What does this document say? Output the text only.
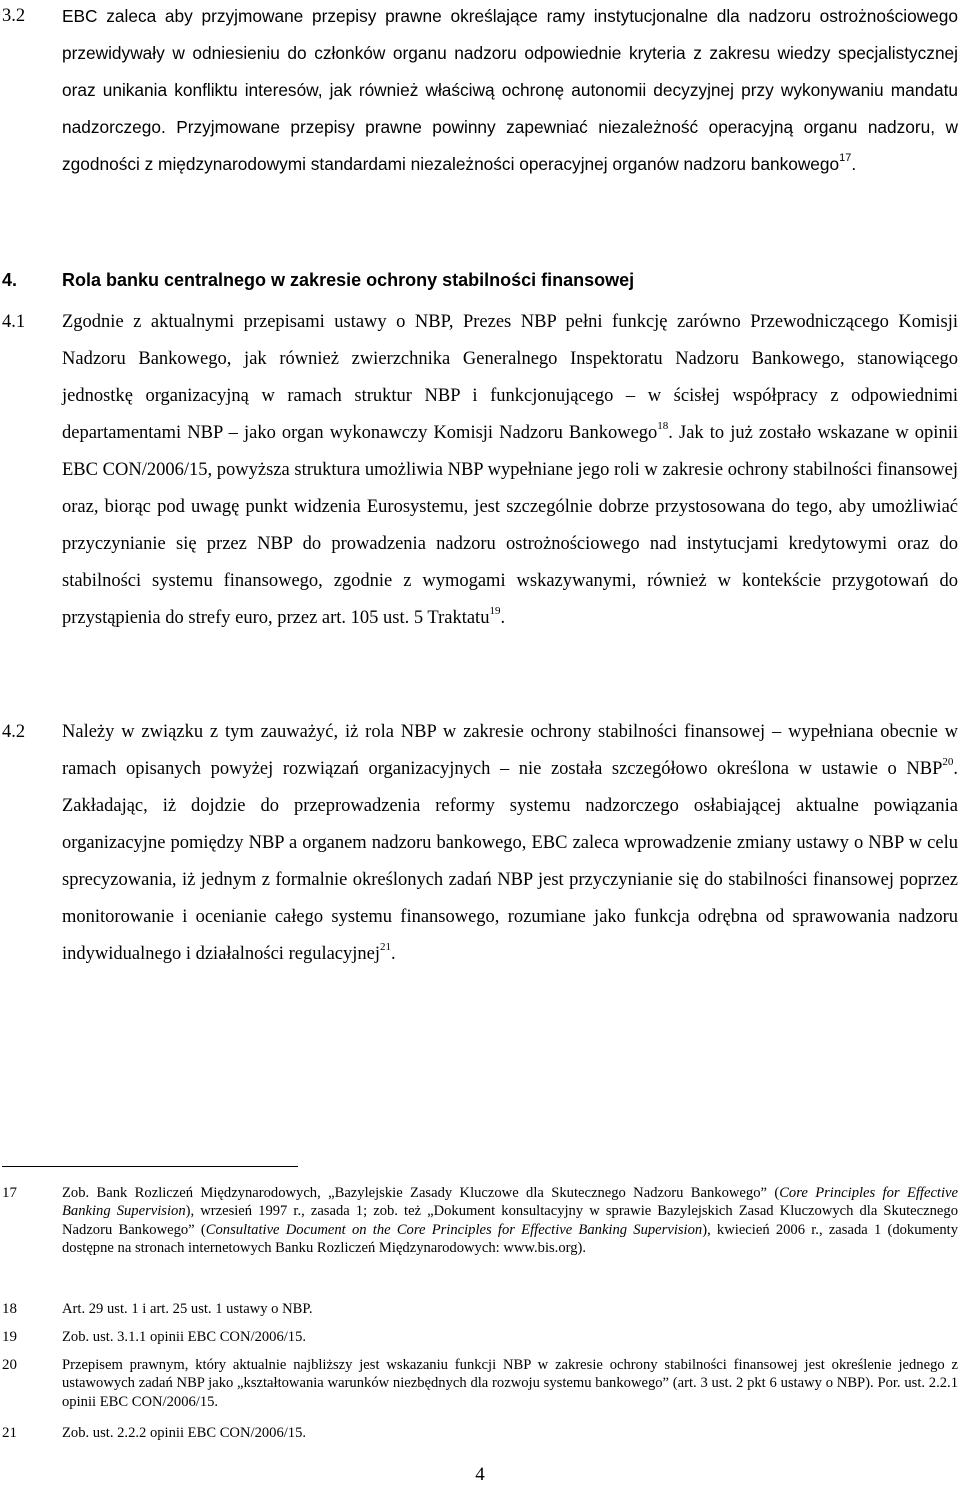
3.2 EBC zaleca aby przyjmowane przepisy prawne określające ramy instytucjonalne dla nadzoru ostrożnościowego przewidywały w odniesieniu do członków organu nadzoru odpowiednie kryteria z zakresu wiedzy specjalistycznej oraz unikania konfliktu interesów, jak również właściwą ochronę autonomii decyzyjnej przy wykonywaniu mandatu nadzorczego. Przyjmowane przepisy prawne powinny zapewniać niezależność operacyjną organu nadzoru, w zgodności z międzynarodowymi standardami niezależności operacyjnej organów nadzoru bankowego$^{17}$.
4. Rola banku centralnego w zakresie ochrony stabilności finansowej
4.1 Zgodnie z aktualnymi przepisami ustawy o NBP, Prezes NBP pełni funkcję zarówno Przewodniczącego Komisji Nadzoru Bankowego, jak również zwierzchnika Generalnego Inspektoratu Nadzoru Bankowego, stanowiącego jednostkę organizacyjną w ramach struktur NBP i funkcjonującego – w ścisłej współpracy z odpowiednimi departamentami NBP – jako organ wykonawczy Komisji Nadzoru Bankowego$^{18}$. Jak to już zostało wskazane w opinii EBC CON/2006/15, powyższa struktura umożliwia NBP wypełniane jego roli w zakresie ochrony stabilności finansowej oraz, biorąc pod uwagę punkt widzenia Eurosystemu, jest szczególnie dobrze przystosowana do tego, aby umożliwiać przyczynianie się przez NBP do prowadzenia nadzoru ostrożnościowego nad instytucjami kredytowymi oraz do stabilności systemu finansowego, zgodnie z wymogami wskazywanymi, również w kontekście przygotowań do przystąpienia do strefy euro, przez art. 105 ust. 5 Traktatu$^{19}$.
4.2 Należy w związku z tym zauważyć, iż rola NBP w zakresie ochrony stabilności finansowej – wypełniana obecnie w ramach opisanych powyżej rozwiązań organizacyjnych – nie została szczegółowo określona w ustawie o NBP$^{20}$. Zakładając, iż dojdzie do przeprowadzenia reformy systemu nadzorczego osłabiającej aktualne powiązania organizacyjne pomiędzy NBP a organem nadzoru bankowego, EBC zaleca wprowadzenie zmiany ustawy o NBP w celu sprecyzowania, iż jednym z formalnie określonych zadań NBP jest przyczynianie się do stabilności finansowej poprzez monitorowanie i ocenianie całego systemu finansowego, rozumiane jako funkcja odrębna od sprawowania nadzoru indywidualnego i działalności regulacyjnej$^{21}$.
17	Zob. Bank Rozliczeń Międzynarodowych, „Bazylejskie Zasady Kluczowe dla Skutecznego Nadzoru Bankowego” (Core Principles for Effective Banking Supervision), wrzesień 1997 r., zasada 1; zob. też „Dokument konsultacyjny w sprawie Bazylejskich Zasad Kluczowych dla Skutecznego Nadzoru Bankowego” (Consultative Document on the Core Principles for Effective Banking Supervision), kwiecień 2006 r., zasada 1 (dokumenty dostępne na stronach internetowych Banku Rozliczeń Międzynarodowych: www.bis.org).
18	Art. 29 ust. 1 i art. 25 ust. 1 ustawy o NBP.
19	Zob. ust. 3.1.1 opinii EBC CON/2006/15.
20	Przepisem prawnym, który aktualnie najbliższy jest wskazaniu funkcji NBP w zakresie ochrony stabilności finansowej jest określenie jednego z ustawowych zadań NBP jako „kształtowania warunków niezbędnych dla rozwoju systemu bankowego” (art. 3 ust. 2 pkt 6 ustawy o NBP). Por. ust. 2.2.1 opinii EBC CON/2006/15.
21	Zob. ust. 2.2.2 opinii EBC CON/2006/15.
4
